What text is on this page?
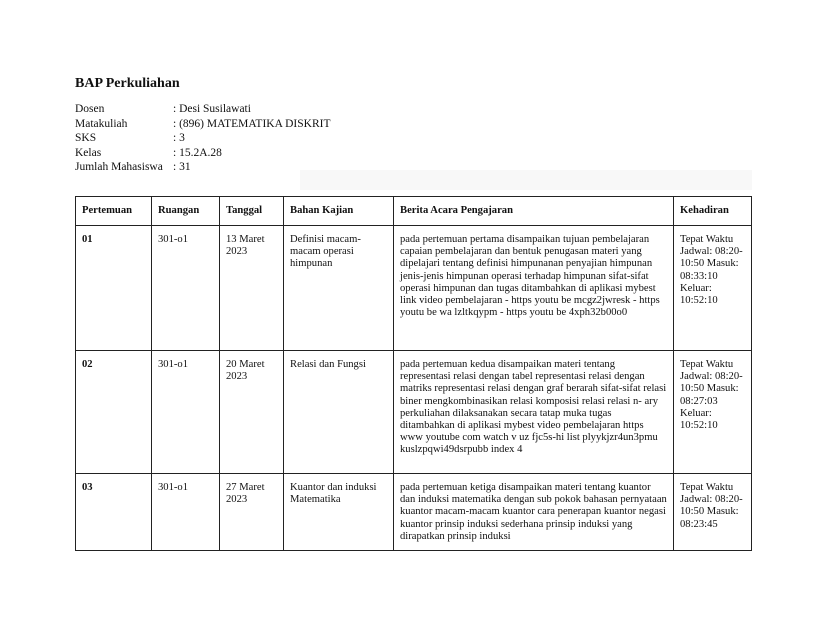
BAP Perkuliahan
Dosen	: Desi Susilawati
Matakuliah	: (896) MATEMATIKA DISKRIT
SKS	: 3
Kelas	: 15.2A.28
Jumlah Mahasiswa : 31
Pertemuan	Ruangan	Tanggal	Bahan Kajian	Berita Acara Pengajaran	Kehadiran
01	301-o1	13 Maret 2023	Definisi macam-macam operasi himpunan	pada pertemuan pertama disampaikan tujuan pembelajaran capaian pembelajaran dan bentuk penugasan materi yang dipelajari tentang definisi himpunanan penyajian himpunan jenis-jenis himpunan operasi terhadap himpunan sifat-sifat operasi himpunan dan tugas ditambahkan di aplikasi mybest link video pembelajaran - https youtu be mcgz2jwresk - https youtu be wa lzltkqypm - https youtu be 4xph32b00o0	Tepat Waktu Jadwal: 08:20-10:50 Masuk: 08:33:10 Keluar: 10:52:10
02	301-o1	20 Maret 2023	Relasi dan Fungsi	pada pertemuan kedua disampaikan materi tentang representasi relasi dengan tabel representasi relasi dengan matriks representasi relasi dengan graf berarah sifat-sifat relasi biner mengkombinasikan relasi komposisi relasi relasi n- ary perkuliahan dilaksanakan secara tatap muka tugas ditambahkan di aplikasi mybest video pembelajaran https www youtube com watch v uz fjc5s-hi list plyykjzr4un3pmu kuslzpqwi49dsrpubb index 4	Tepat Waktu Jadwal: 08:20-10:50 Masuk: 08:27:03 Keluar: 10:52:10
03	301-o1	27 Maret 2023	Kuantor dan induksi Matematika	pada pertemuan ketiga disampaikan materi tentang kuantor dan induksi matematika dengan sub pokok bahasan pernyataan kuantor macam-macam kuantor cara penerapan kuantor negasi kuantor prinsip induksi sederhana prinsip induksi yang dirapatkan prinsip induksi	Tepat Waktu Jadwal: 08:20-10:50 Masuk: 08:23:45
